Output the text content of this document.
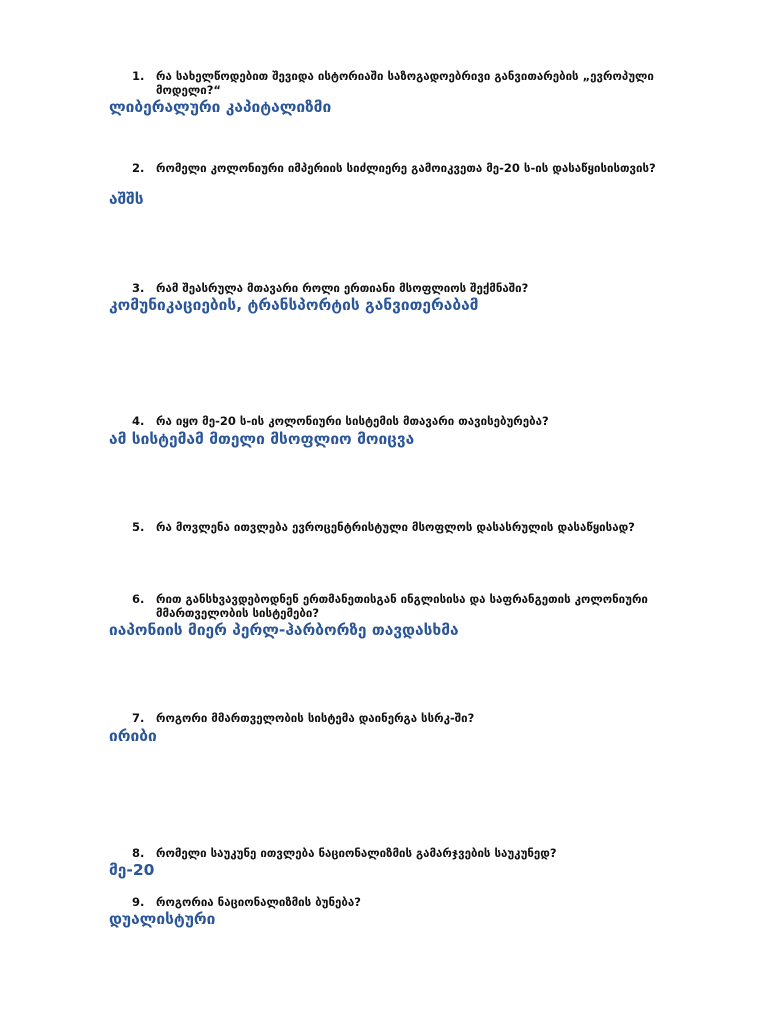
1.	რა სახელწოდებით შევიდა ისტორიაში საზოგადოებრივი განვითარების „ევროპული მოდელი?“
ლიბერალური კაპიტალიზმი
2.	რომელი კოლონიური იმპერიის სიძლიერე გამოიკვეთა მე-20 ს-ის დასაწყისისთვის?
აშშს
3.	რამ შეასრულა მთავარი როლი ერთიანი მსოფლიოს შექმნაში?
კომუნიკაციების, ტრანსპორტის განვითერაბამ
4.	რა იყო მე-20 ს-ის კოლონიური სისტემის მთავარი თავისებურება?
ამ სისტემამ მთელი მსოფლიო მოიცვა
5.	რა მოვლენა ითვლება ევროცენტრისტული მსოფლოს დასასრულის დასაწყისად?
6.	რით განსხვავდებოდნენ ერთმანეთისგან ინგლისისა და საფრანგეთის კოლონიური მმართველობის სისტემები?
იაპონიის მიერ პერლ-ჰარბორზე თავდასხმა
7.	როგორი მმართველობის სისტემა დაინერგა სსრკ-ში?
ირიბი
8.	რომელი საუკუნე ითვლება ნაციონალიზმის გამარჯვების საუკუნედ?
მე-20
9.	როგორია ნაციონალიზმის ბუნება?
დუალისტური
